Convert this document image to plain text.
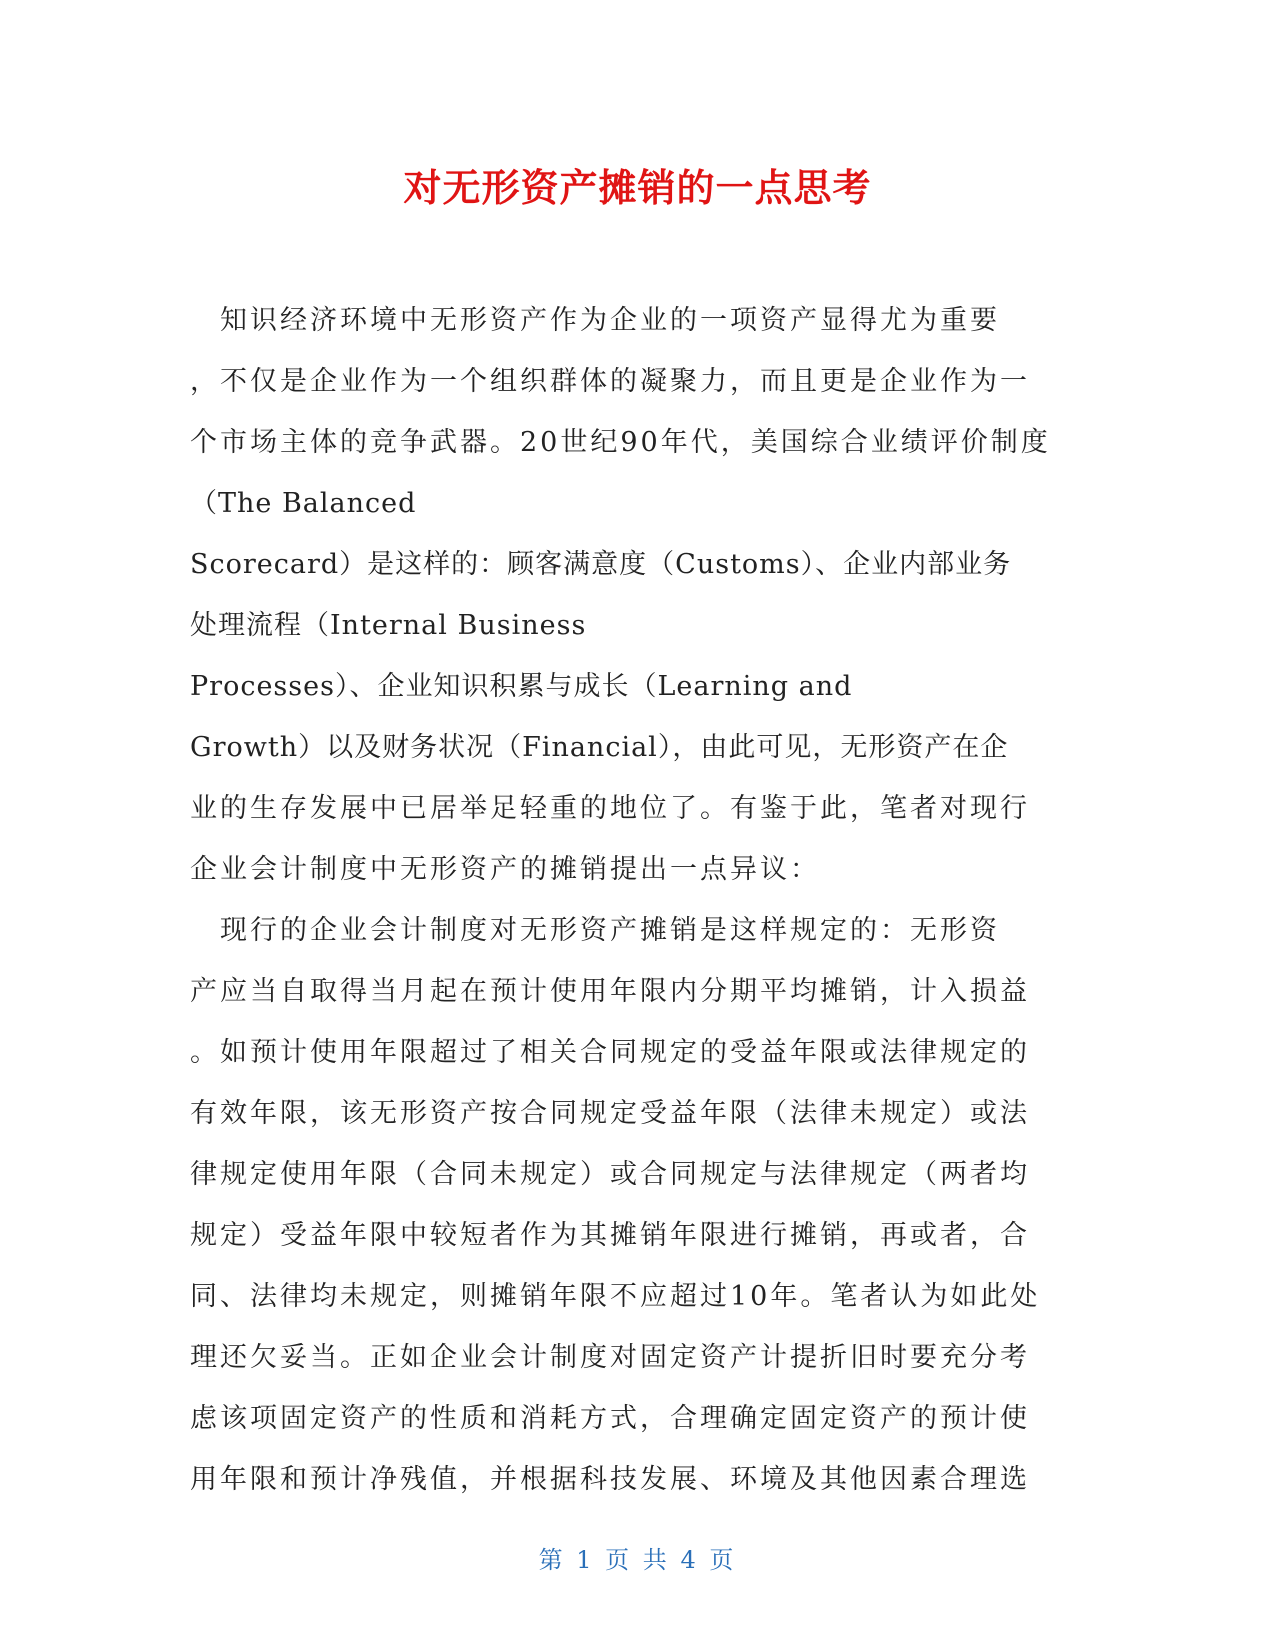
对无形资产摊销的一点思考
　知识经济环境中无形资产作为企业的一项资产显得尤为重要
，不仅是企业作为一个组织群体的凝聚力，而且更是企业作为一
个市场主体的竞争武器。20世纪90年代，美国综合业绩评价制度
（The Balanced
Scorecard）是这样的：顾客满意度（Customs）、企业内部业务
处理流程（Internal Business
Processes）、企业知识积累与成长（Learning and
Growth）以及财务状况（Financial），由此可见，无形资产在企
业的生存发展中已居举足轻重的地位了。有鉴于此，笔者对现行
企业会计制度中无形资产的摊销提出一点异议：
　现行的企业会计制度对无形资产摊销是这样规定的：无形资
产应当自取得当月起在预计使用年限内分期平均摊销，计入损益
。如预计使用年限超过了相关合同规定的受益年限或法律规定的
有效年限，该无形资产按合同规定受益年限（法律未规定）或法
律规定使用年限（合同未规定）或合同规定与法律规定（两者均
规定）受益年限中较短者作为其摊销年限进行摊销，再或者，合
同、法律均未规定，则摊销年限不应超过10年。笔者认为如此处
理还欠妥当。正如企业会计制度对固定资产计提折旧时要充分考
虑该项固定资产的性质和消耗方式，合理确定固定资产的预计使
用年限和预计净残值，并根据科技发展、环境及其他因素合理选
第 1 页 共 4 页
